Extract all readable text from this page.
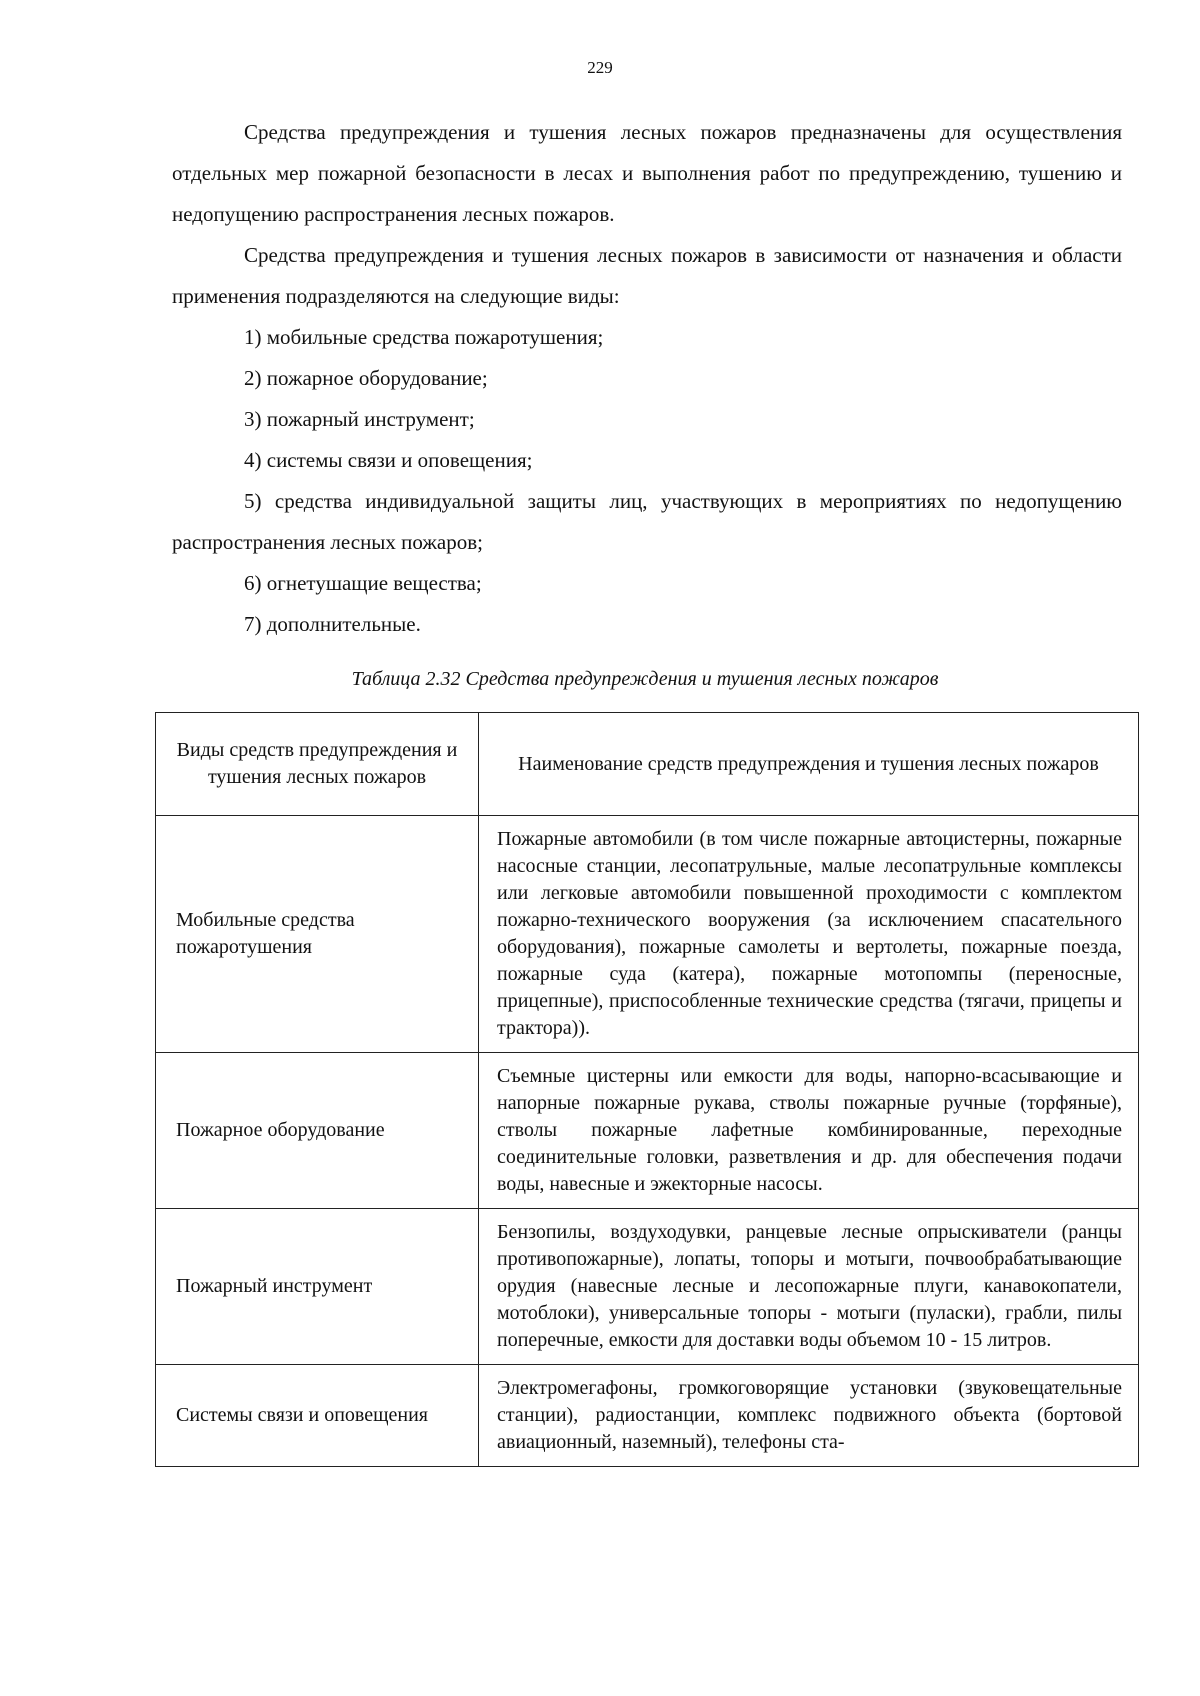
229

Средства предупреждения и тушения лесных пожаров предназначены для осуществления отдельных мер пожарной безопасности в лесах и выполнения работ по предупреждению, тушению и недопущению распространения лесных пожаров.

Средства предупреждения и тушения лесных пожаров в зависимости от назначения и области применения подразделяются на следующие виды:

1) мобильные средства пожаротушения;

2) пожарное оборудование;

3) пожарный инструмент;

4) системы связи и оповещения;

5) средства индивидуальной защиты лиц, участвующих в мероприятиях по недопущению распространения лесных пожаров;

6) огнетушащие вещества;

7) дополнительные.

Таблица 2.32 Средства предупреждения и тушения лесных пожаров
Виды средств предупреждения и тушения лесных пожаров	Наименование средств предупреждения и тушения лесных пожаров
Мобильные средства пожаротушения	Пожарные автомобили (в том числе пожарные автоцистерны, пожарные насосные станции, лесопатрульные, малые лесопатрульные комплексы или легковые автомобили повышенной проходимости с комплектом пожарно-технического вооружения (за исключением спасательного оборудования), пожарные самолеты и вертолеты, пожарные поезда, пожарные суда (катера), пожарные мотопомпы (переносные, прицепные), приспособленные технические средства (тягачи, прицепы и трактора)).
Пожарное оборудование	Съемные цистерны или емкости для воды, напорно-всасывающие и напорные пожарные рукава, стволы пожарные ручные (торфяные), стволы пожарные лафетные комбинированные, переходные соединительные головки, разветвления и др. для обеспечения подачи воды, навесные и эжекторные насосы.
Пожарный инструмент	Бензопилы, воздуходувки, ранцевые лесные опрыскиватели (ранцы противопожарные), лопаты, топоры и мотыги, почвообрабатывающие орудия (навесные лесные и лесопожарные плуги, канавокопатели, мотоблоки), универсальные топоры - мотыги (пуласки), грабли, пилы поперечные, емкости для доставки воды объемом 10 - 15 литров.
Системы связи и оповещения	Электромегафоны, громкоговорящие установки (звуковещательные станции), радиостанции, комплекс подвижного объекта (бортовой авиационный, наземный), телефоны ста-
